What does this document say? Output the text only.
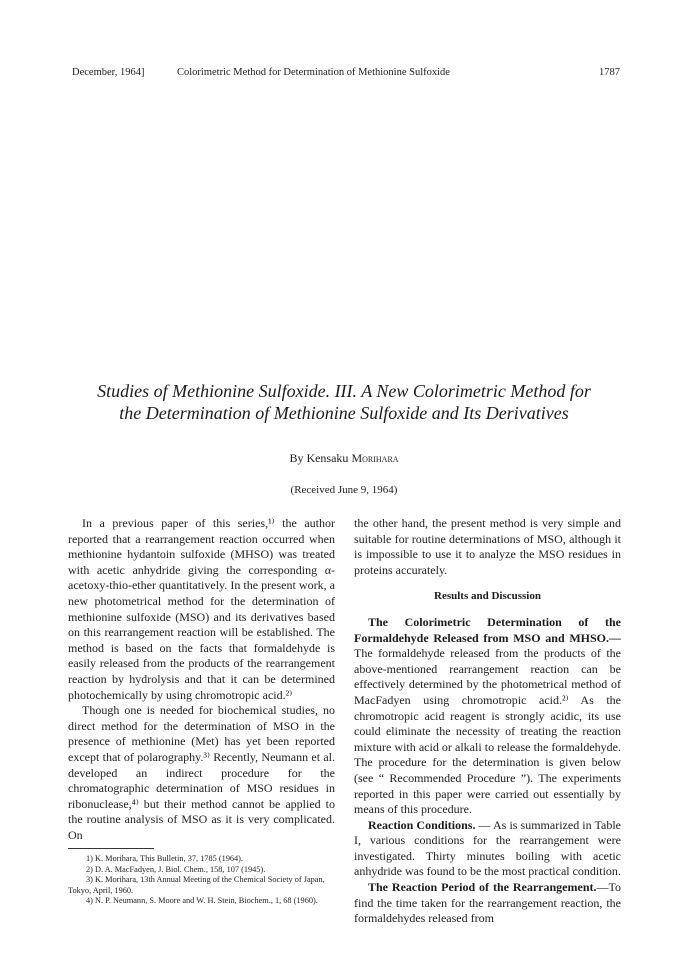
December, 1964]	Colorimetric Method for Determination of Methionine Sulfoxide	1787
Studies of Methionine Sulfoxide. III. A New Colorimetric Method for
the Determination of Methionine Sulfoxide and Its Derivatives
By Kensaku Morihara
(Received June 9, 1964)

In a previous paper of this series,¹⁾ the author reported that a rearrangement reaction occurred when methionine hydantoin sulfoxide (MHSO) was treated with acetic anhydride giving the corresponding α-acetoxy-thio-ether quantitatively. In the present work, a new photometrical method for the determination of methionine sulfoxide (MSO) and its derivatives based on this rearrangement reaction will be established. The method is based on the facts that formaldehyde is easily released from the products of the rearrangement reaction by hydrolysis and that it can be determined photochemically by using chromotropic acid.²⁾

Though one is needed for biochemical studies, no direct method for the determination of MSO in the presence of methionine (Met) has yet been reported except that of polarography.³⁾ Recently, Neumann et al. developed an indirect procedure for the chromatographic determination of MSO residues in ribonuclease,⁴⁾ but their method cannot be applied to the routine analysis of MSO as it is very complicated. On

1) K. Morihara, This Bulletin, 37, 1785 (1964).

2) D. A. MacFadyen, J. Biol. Chem., 158, 107 (1945).

3) K. Morihara, 13th Annual Meeting of the Chemical Society of Japan, Tokyo, April, 1960.

4) N. P. Neumann, S. Moore and W. H. Stein, Biochem., 1, 68 (1960).

the other hand, the present method is very simple and suitable for routine determinations of MSO, although it is impossible to use it to analyze the MSO residues in proteins accurately.

Results and Discussion

The Colorimetric Determination of the Formaldehyde Released from MSO and MHSO.—The formaldehyde released from the products of the above-mentioned rearrangement reaction can be effectively determined by the photometrical method of MacFadyen using chromotropic acid.²⁾ As the chromotropic acid reagent is strongly acidic, its use could eliminate the necessity of treating the reaction mixture with acid or alkali to release the formaldehyde. The procedure for the determination is given below (see “ Recommended Procedure ”). The experiments reported in this paper were carried out essentially by means of this procedure.

Reaction Conditions. — As is summarized in Table I, various conditions for the rearrangement were investigated. Thirty minutes boiling with acetic anhydride was found to be the most practical condition.

The Reaction Period of the Rearrangement.—To find the time taken for the rearrangement reaction, the formaldehydes released from
